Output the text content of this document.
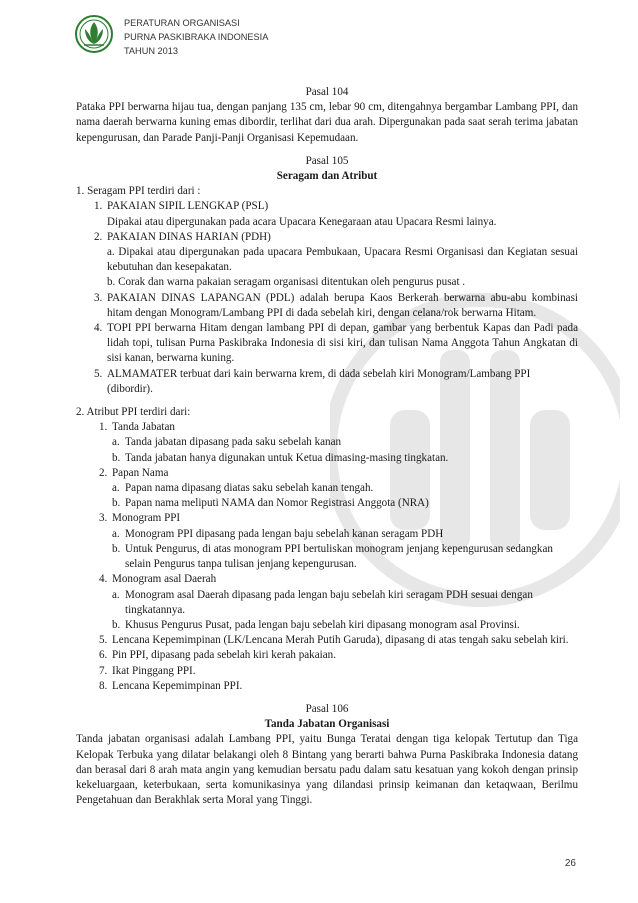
PERATURAN ORGANISASI
PURNA PASKIBRAKA INDONESIA
TAHUN 2013

Pasal 104

Pataka PPI berwarna hijau tua, dengan panjang 135 cm, lebar 90 cm, ditengahnya bergambar Lambang PPI, dan nama daerah berwarna kuning emas dibordir, terlihat dari dua arah. Dipergunakan pada saat serah terima jabatan kepengurusan, dan Parade Panji-Panji Organisasi Kepemudaan.

Pasal 105

Seragam dan Atribut

1. Seragam PPI terdiri dari :

1. PAKAIAN SIPIL LENGKAP (PSL)

Dipakai atau dipergunakan pada acara Upacara Kenegaraan atau Upacara Resmi lainya.

2. PAKAIAN DINAS HARIAN (PDH)

a. Dipakai atau dipergunakan pada upacara Pembukaan, Upacara Resmi Organisasi dan Kegiatan sesuai kebutuhan dan kesepakatan.

b. Corak dan warna pakaian seragam organisasi ditentukan oleh pengurus pusat .

3. PAKAIAN DINAS LAPANGAN (PDL) adalah berupa Kaos Berkerah berwarna abu-abu kombinasi hitam dengan Monogram/Lambang PPI di dada sebelah kiri, dengan celana/rok berwarna Hitam.
4. TOPI PPI berwarna Hitam dengan lambang PPI di depan, gambar yang berbentuk Kapas dan Padi pada lidah topi, tulisan Purna Paskibraka Indonesia di sisi kiri, dan tulisan Nama Anggota Tahun Angkatan di sisi kanan, berwarna kuning.
5. ALMAMATER terbuat dari kain berwarna krem, di dada sebelah kiri Monogram/Lambang PPI (dibordir).

2. Atribut PPI terdiri dari:

1. Tanda Jabatan
a. Tanda jabatan dipasang pada saku sebelah kanan
b. Tanda jabatan hanya digunakan untuk Ketua dimasing-masing tingkatan.
2. Papan Nama
a. Papan nama dipasang diatas saku sebelah kanan tengah.
b. Papan nama meliputi NAMA dan Nomor Registrasi Anggota (NRA)
3. Monogram PPI
a. Monogram PPI dipasang pada lengan baju sebelah kanan seragam PDH
b. Untuk Pengurus, di atas monogram PPI bertuliskan monogram jenjang kepengurusan sedangkan selain Pengurus tanpa tulisan jenjang kepengurusan.
4. Monogram asal Daerah
a. Monogram asal Daerah dipasang pada lengan baju sebelah kiri seragam PDH sesuai dengan tingkatannya.
b. Khusus Pengurus Pusat, pada lengan baju sebelah kiri dipasang monogram asal Provinsi.
5. Lencana Kepemimpinan (LK/Lencana Merah Putih Garuda), dipasang di atas tengah saku sebelah kiri.
6. Pin PPI, dipasang pada sebelah kiri kerah pakaian.
7. Ikat Pinggang PPI.
8. Lencana Kepemimpinan PPI.

Pasal 106

Tanda Jabatan Organisasi

Tanda jabatan organisasi adalah Lambang PPI, yaitu Bunga Teratai dengan tiga kelopak Tertutup dan Tiga Kelopak Terbuka yang dilatar belakangi oleh 8 Bintang yang berarti bahwa Purna Paskibraka Indonesia datang dan berasal dari 8 arah mata angin yang kemudian bersatu padu dalam satu kesatuan yang kokoh dengan prinsip kekeluargaan, keterbukaan, serta komunikasinya yang dilandasi prinsip keimanan dan ketaqwaan, Berilmu Pengetahuan dan Berakhlak serta Moral yang Tinggi.

26
